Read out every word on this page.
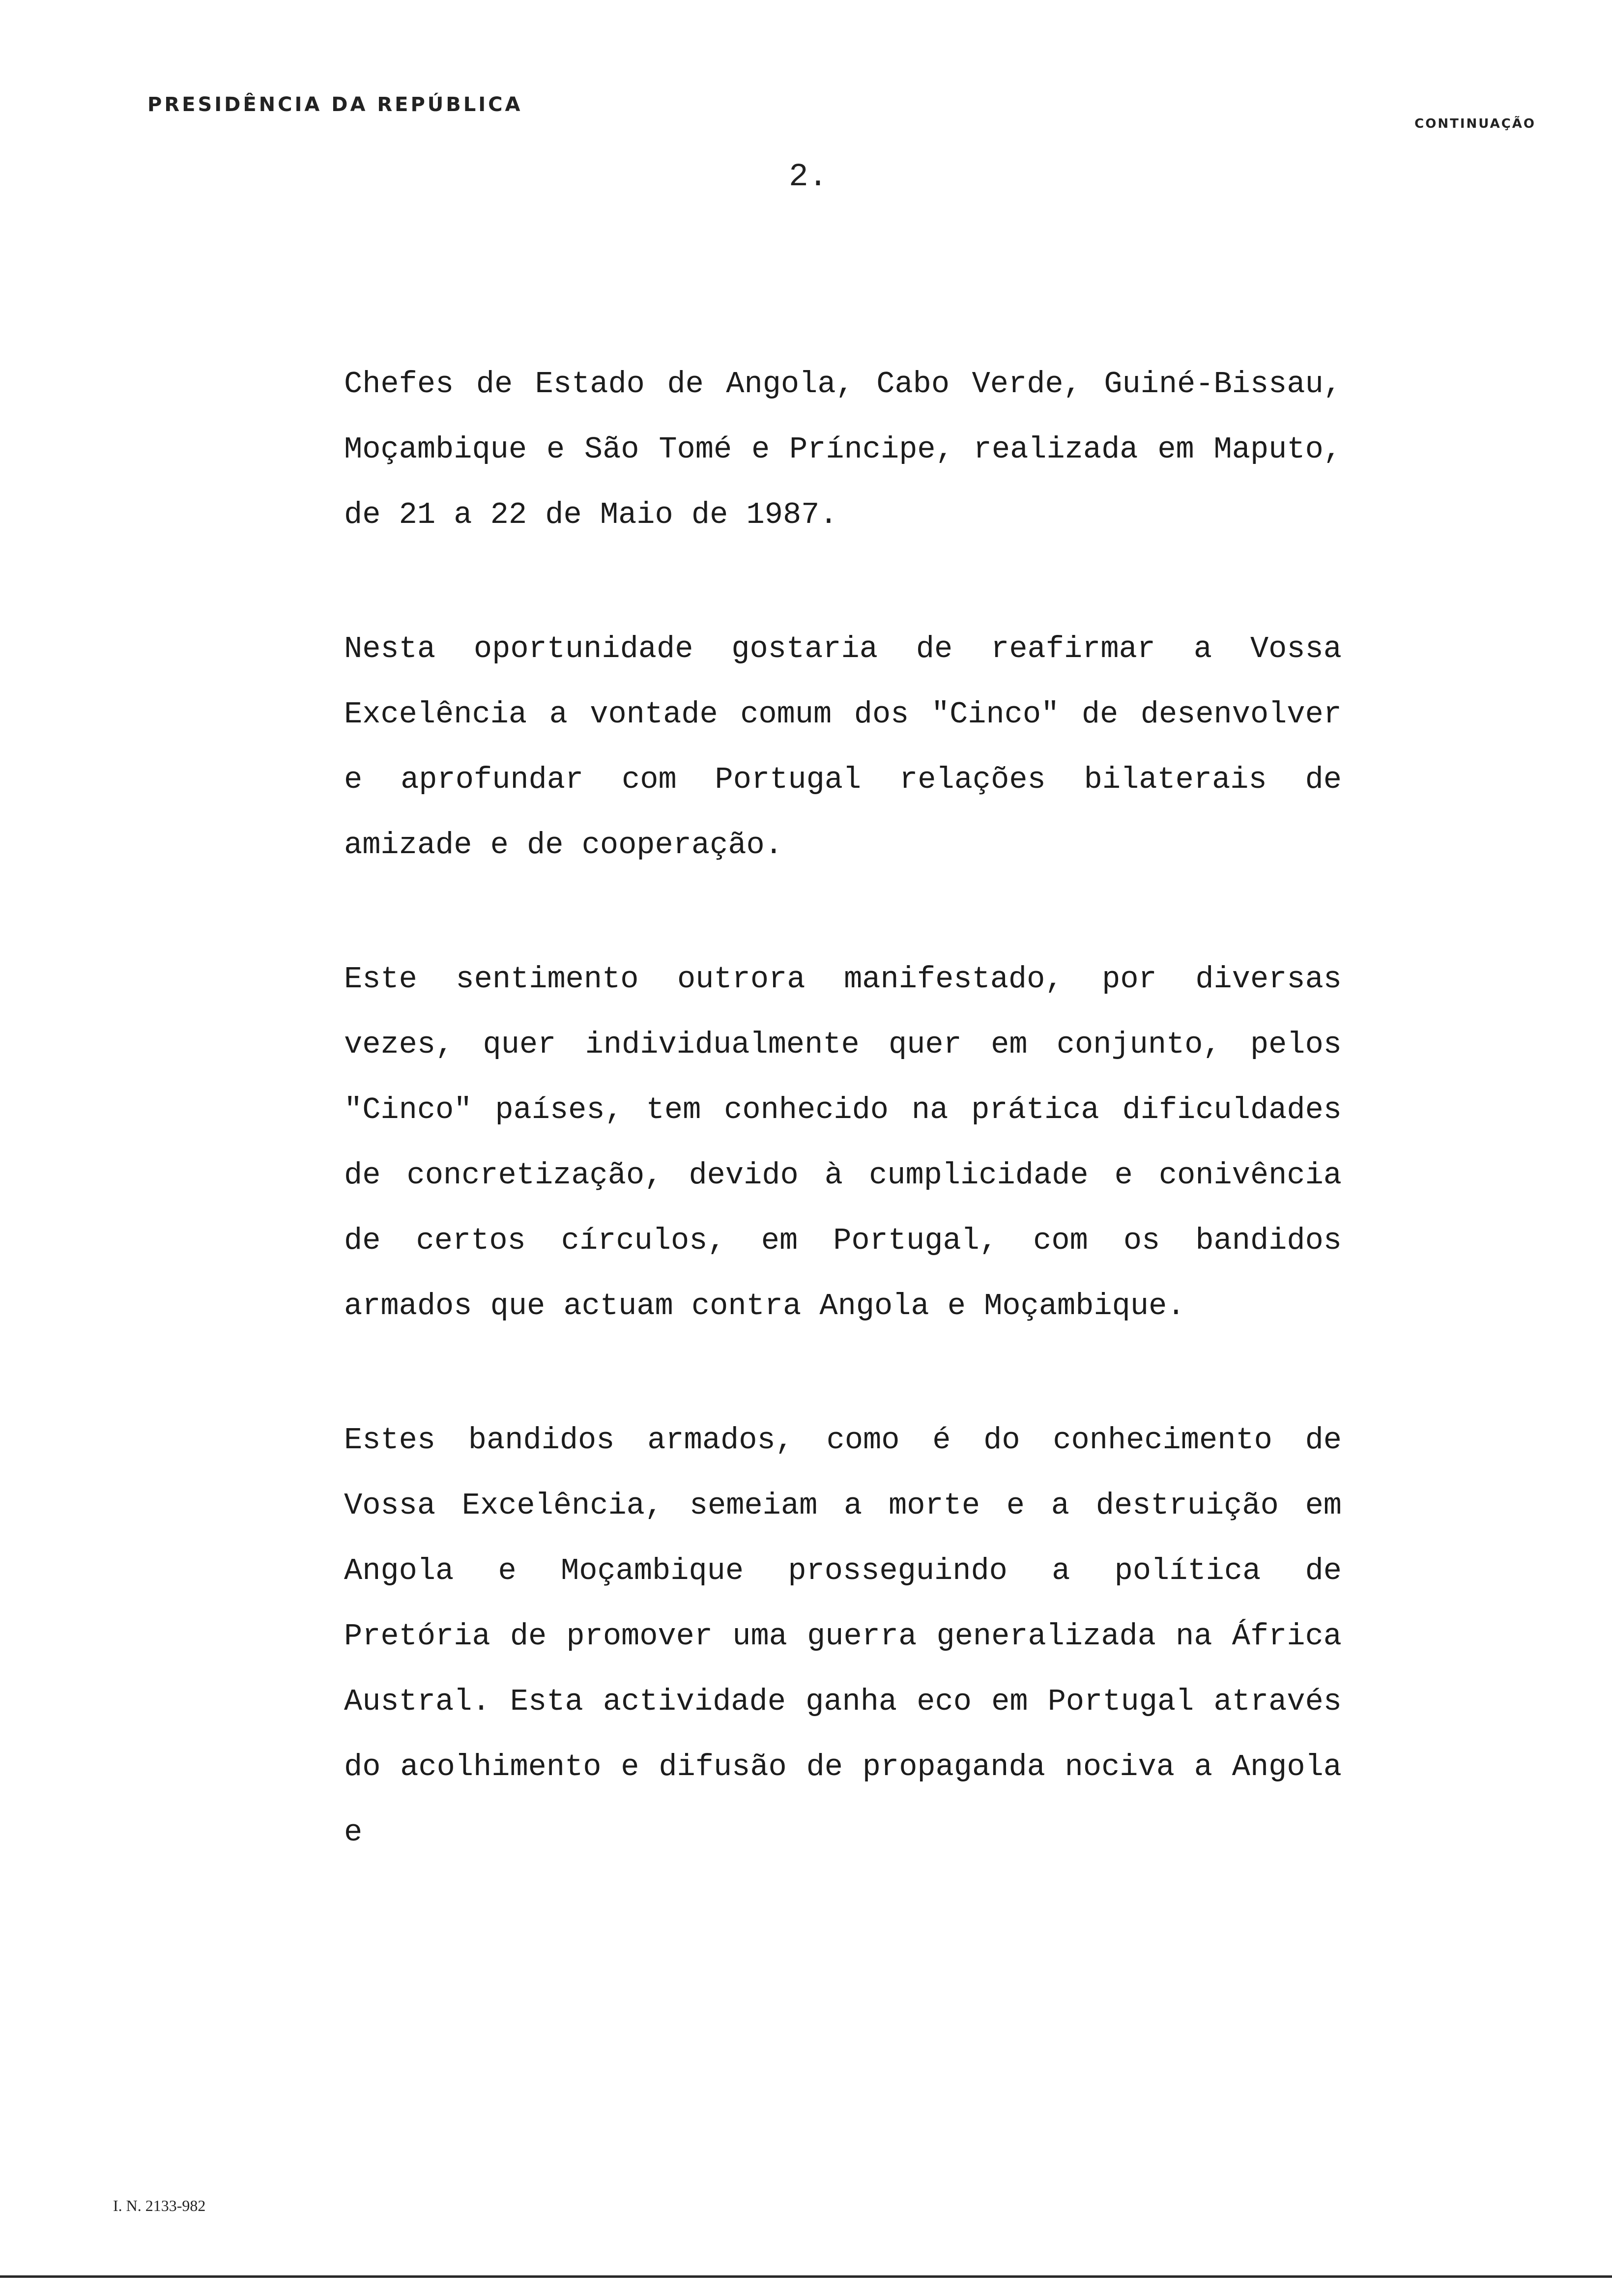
PRESIDÊNCIA DA REPÚBLICA
CONTINUAÇÃO
2.

Chefes de Estado de Angola, Cabo Verde, Guiné-Bissau, Moçambique e São Tomé e Príncipe, realizada em Maputo, de 21 a 22 de Maio de 1987.

Nesta oportunidade gostaria de reafirmar a Vossa Excelência a vontade comum dos "Cinco" de desenvolver e aprofundar com Portugal relações bilaterais de amizade e de cooperação.

Este sentimento outrora manifestado, por diversas vezes, quer individualmente quer em conjunto, pelos "Cinco" países, tem conhecido na prática dificuldades de concretização, devido à cumplicidade e conivência de certos círculos, em Portugal, com os bandidos armados que actuam contra Angola e Moçambique.

Estes bandidos armados, como é do conhecimento de Vossa Excelência, semeiam a morte e a destruição em Angola e Moçambique prosseguindo a política de Pretória de promover uma guerra generalizada na África Austral. Esta actividade ganha eco em Portugal através do acolhimento e difusão de propaganda nociva a Angola e

I. N. 2133-982
